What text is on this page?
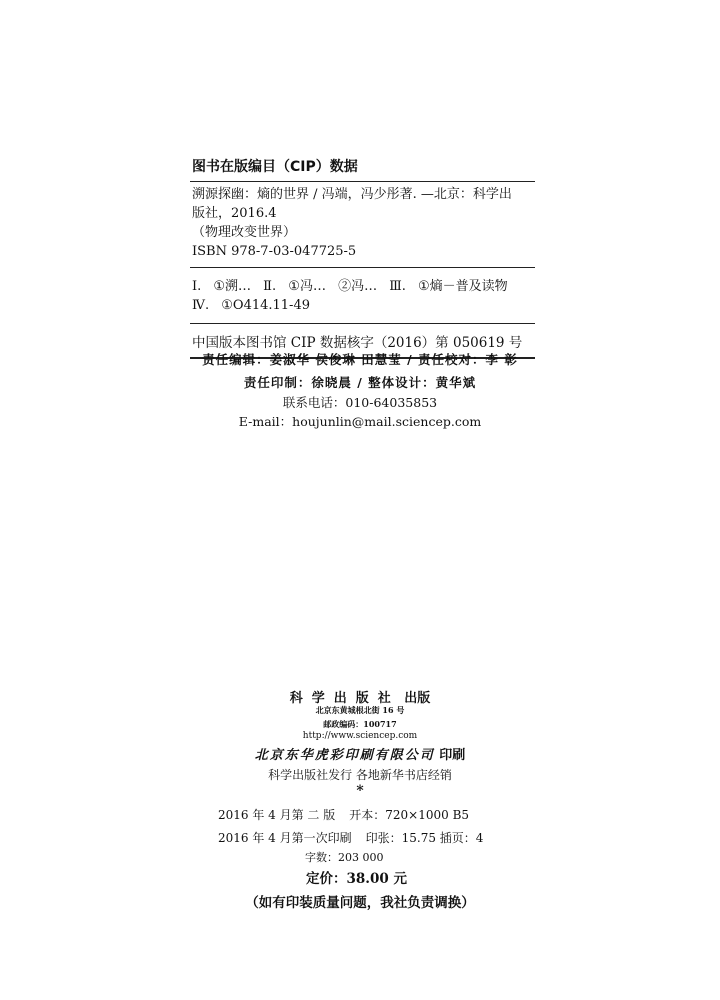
图书在版编目（CIP）数据
溯源探幽：熵的世界 / 冯端，冯少彤著. —北京：科学出
版社，2016.4
（物理改变世界）
ISBN 978-7-03-047725-5
Ⅰ. ①溯… Ⅱ. ①冯… ②冯… Ⅲ. ①熵－普及读物
Ⅳ. ①O414.11-49
中国版本图书馆 CIP 数据核字（2016）第 050619 号
责任编辑：姜淑华 侯俊琳 田慧莹 / 责任校对：李 彰
责任印制：徐晓晨 / 整体设计：黄华斌
联系电话：010-64035853
E-mail：houjunlin@mail.sciencep.com
科学出版社 出版
北京东黄城根北街 16 号
邮政编码：100717
http://www.sciencep.com
北京东华虎彩印刷有限公司 印刷
科学出版社发行 各地新华书店经销
*
2016 年 4 月第 二 版 开本：720×1000 B5
2016 年 4 月第一次印刷 印张：15.75 插页：4
字数：203 000
定价：38.00 元
（如有印装质量问题，我社负责调换）
